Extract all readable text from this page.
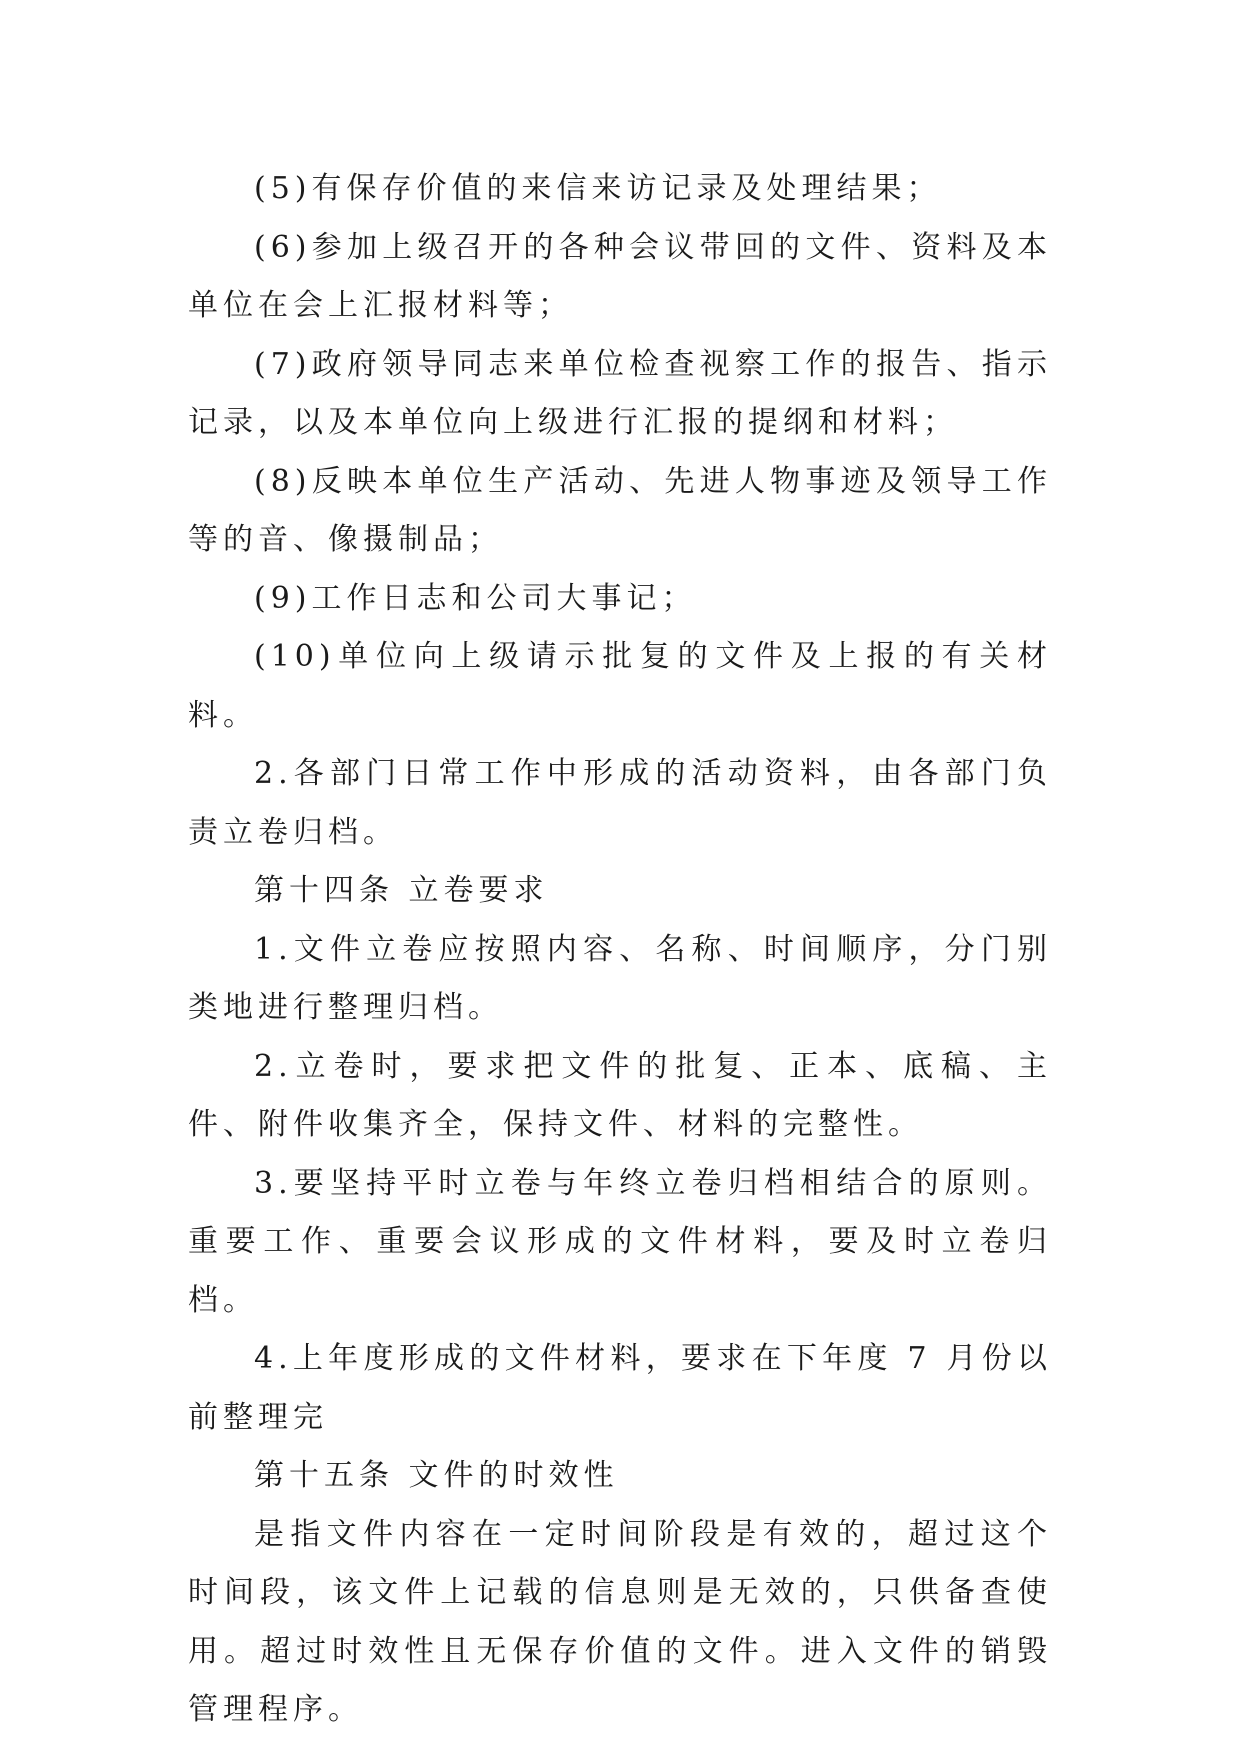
(5)有保存价值的来信来访记录及处理结果；

(6)参加上级召开的各种会议带回的文件、资料及本单位在会上汇报材料等；

(7)政府领导同志来单位检查视察工作的报告、指示记录，以及本单位向上级进行汇报的提纲和材料；

(8)反映本单位生产活动、先进人物事迹及领导工作等的音、像摄制品；

(9)工作日志和公司大事记；

(10)单位向上级请示批复的文件及上报的有关材料。

2.各部门日常工作中形成的活动资料，由各部门负责立卷归档。

第十四条 立卷要求

1.文件立卷应按照内容、名称、时间顺序，分门别类地进行整理归档。

2.立卷时，要求把文件的批复、正本、底稿、主件、附件收集齐全，保持文件、材料的完整性。

3.要坚持平时立卷与年终立卷归档相结合的原则。重要工作、重要会议形成的文件材料，要及时立卷归档。

4.上年度形成的文件材料，要求在下年度 7 月份以前整理完

第十五条 文件的时效性

是指文件内容在一定时间阶段是有效的，超过这个时间段，该文件上记载的信息则是无效的，只供备查使用。超过时效性且无保存价值的文件。进入文件的销毁管理程序。
